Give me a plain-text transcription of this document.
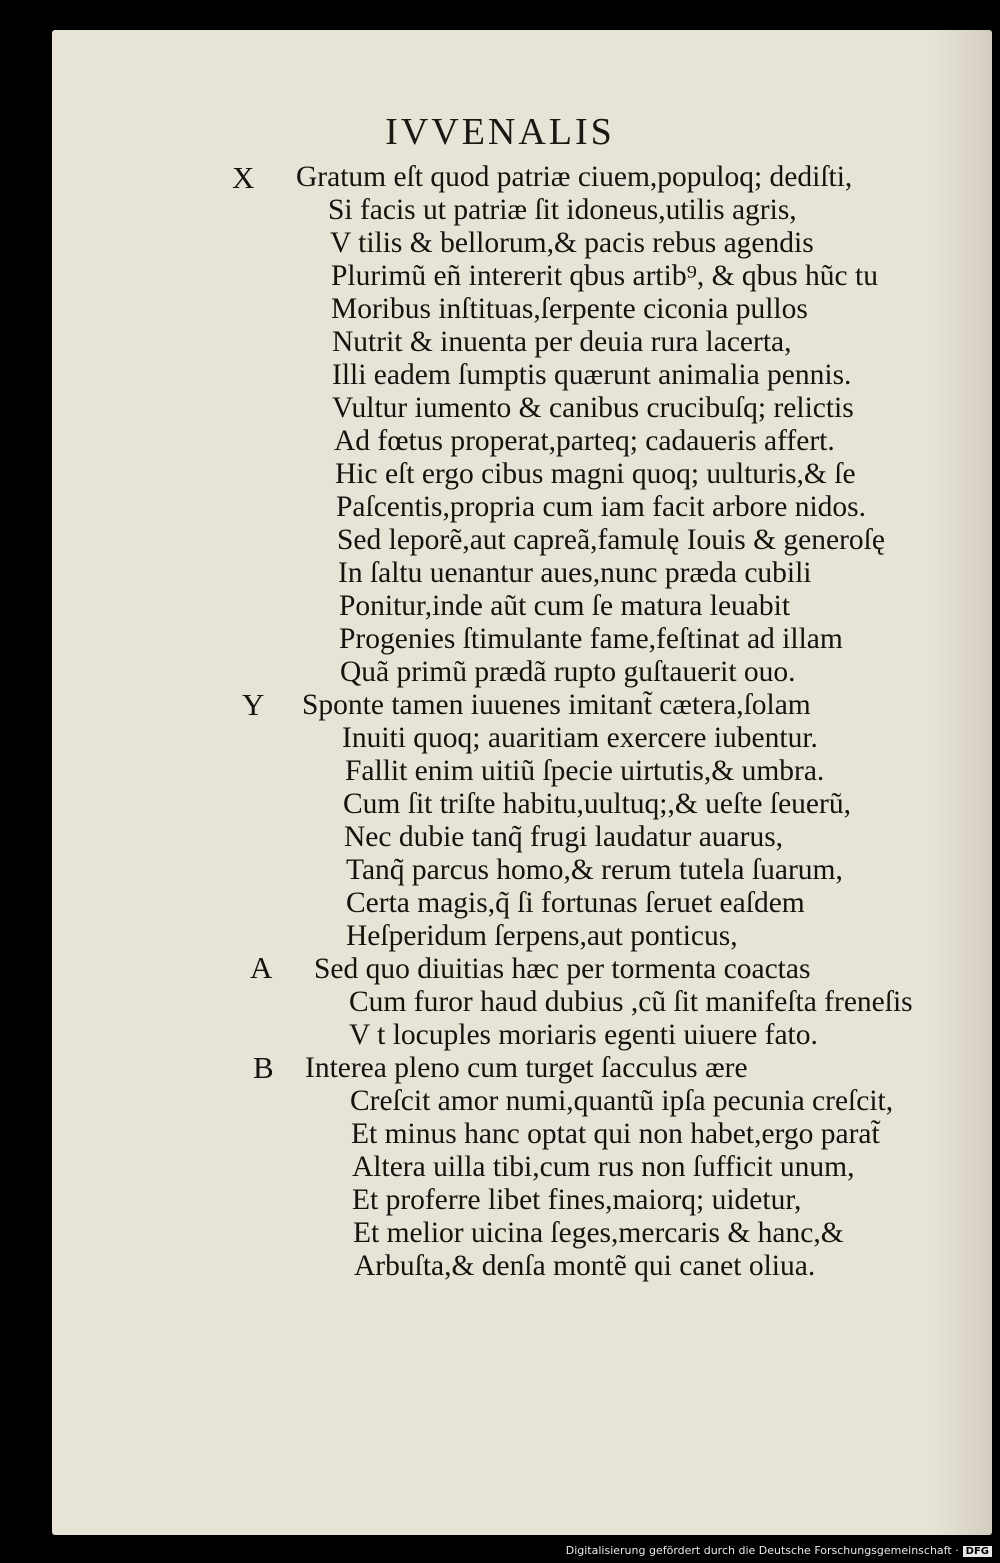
IVVENALIS
X
Y
A
B
Gratum eſt quod patriæ ciuem,populoq; dediſti,
Si facis ut patriæ ſit idoneus,utilis agris,
V tilis & bellorum,& pacis rebus agendis
Plurimũ eñ intererit qbus artib⁹, & qbus hũc tu
Moribus inſtituas,ſerpente ciconia pullos
Nutrit & inuenta per deuia rura lacerta,
Illi eadem ſumptis quærunt animalia pennis.
Vultur iumento & canibus crucibuſq; relictis
Ad fœtus properat,parteq; cadaueris affert.
Hic eſt ergo cibus magni quoq; uulturis,& ſe
Paſcentis,propria cum iam facit arbore nidos.
Sed leporẽ,aut capreã,famulę Iouis & generoſę
In ſaltu uenantur aues,nunc præda cubili
Ponitur,inde aũt cum ſe matura leuabit
Progenies ſtimulante fame,feſtinat ad illam
Quã primũ prædã rupto guſtauerit ouo.
Sponte tamen iuuenes imitant̃ cætera,ſolam
Inuiti quoq; auaritiam exercere iubentur.
Fallit enim uitiũ ſpecie uirtutis,& umbra.
Cum ſit triſte habitu,uultuq;,& ueſte ſeuerũ,
Nec dubie tanq̃ frugi laudatur auarus,
Tanq̃ parcus homo,& rerum tutela ſuarum,
Certa magis,q̃ ſi fortunas ſeruet eaſdem
Heſperidum ſerpens,aut ponticus,
Sed quo diuitias hæc per tormenta coactas
Cum furor haud dubius ,cũ ſit manifeſta freneſis
V t locuples moriaris egenti uiuere fato.
Interea pleno cum turget ſacculus ære
Creſcit amor numi,quantũ ipſa pecunia creſcit,
Et minus hanc optat qui non habet,ergo parat̃
Altera uilla tibi,cum rus non ſufficit unum,
Et proferre libet fines,maiorq; uidetur,
Et melior uicina ſeges,mercaris & hanc,&
Arbuſta,& denſa montẽ qui canet oliua.
Digitalisierung gefördert durch die Deutsche Forschungsgemeinschaft · DFG
